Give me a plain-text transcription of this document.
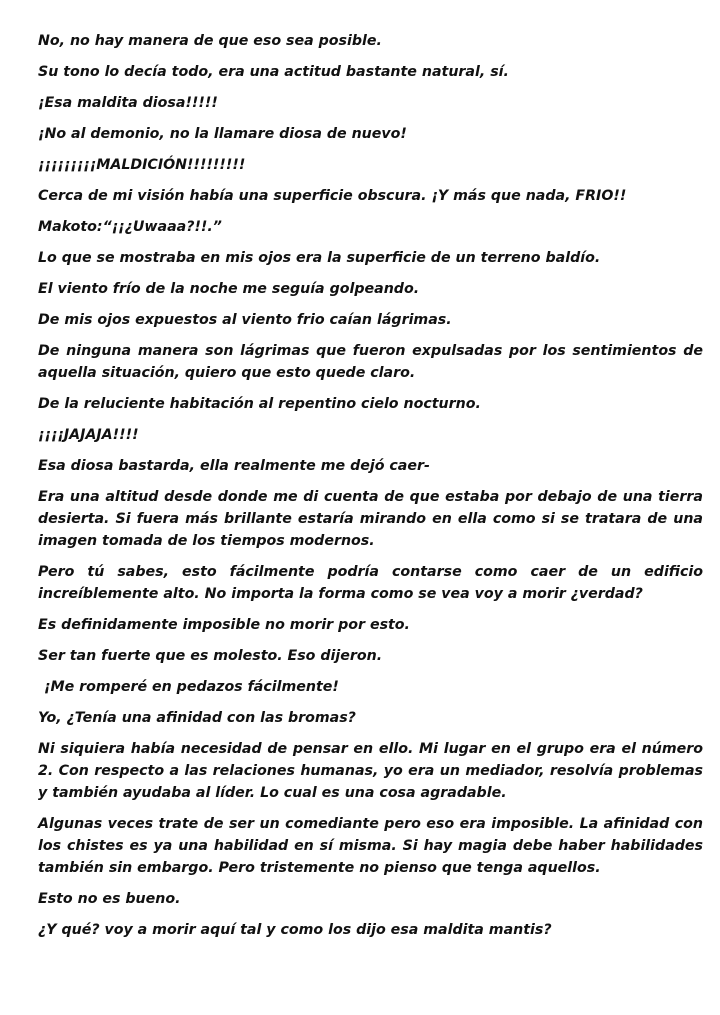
No, no hay manera de que eso sea posible.

Su tono lo decía todo, era una actitud bastante natural, sí.

¡Esa maldita diosa!!!!!

¡No al demonio, no la llamare diosa de nuevo!

¡¡¡¡¡¡¡¡¡MALDICIÓN!!!!!!!!!

Cerca de mi visión había una superficie obscura. ¡Y más que nada, FRIO!!

Makoto:“¡¡¿Uwaaa?!!.”

Lo que se mostraba en mis ojos era la superficie de un terreno baldío.

El viento frío de la noche me seguía golpeando.

De mis ojos expuestos al viento frio caían lágrimas.

De ninguna manera son lágrimas que fueron expulsadas por los sentimientos de aquella situación, quiero que esto quede claro.

De la reluciente habitación al repentino cielo nocturno.

¡¡¡¡JAJAJA!!!!

Esa diosa bastarda, ella realmente me dejó caer-

Era una altitud desde donde me di cuenta de que estaba por debajo de una tierra desierta. Si fuera más brillante estaría mirando en ella como si se tratara de una imagen tomada de los tiempos modernos.

Pero tú sabes, esto fácilmente podría contarse como caer de un edificio increíblemente alto. No importa la forma como se vea voy a morir ¿verdad?

Es definidamente imposible no morir por esto.

Ser tan fuerte que es molesto. Eso dijeron.

¡Me romperé en pedazos fácilmente!

Yo, ¿Tenía una afinidad con las bromas?

Ni siquiera había necesidad de pensar en ello. Mi lugar en el grupo era el número 2. Con respecto a las relaciones humanas, yo era un mediador, resolvía problemas y también ayudaba al líder. Lo cual es una cosa agradable.

Algunas veces trate de ser un comediante pero eso era imposible. La afinidad con los chistes es ya una habilidad en sí misma. Si hay magia debe haber habilidades también sin embargo. Pero tristemente no pienso que tenga aquellos.

Esto no es bueno.

¿Y qué? voy a morir aquí tal y como los dijo esa maldita mantis?
